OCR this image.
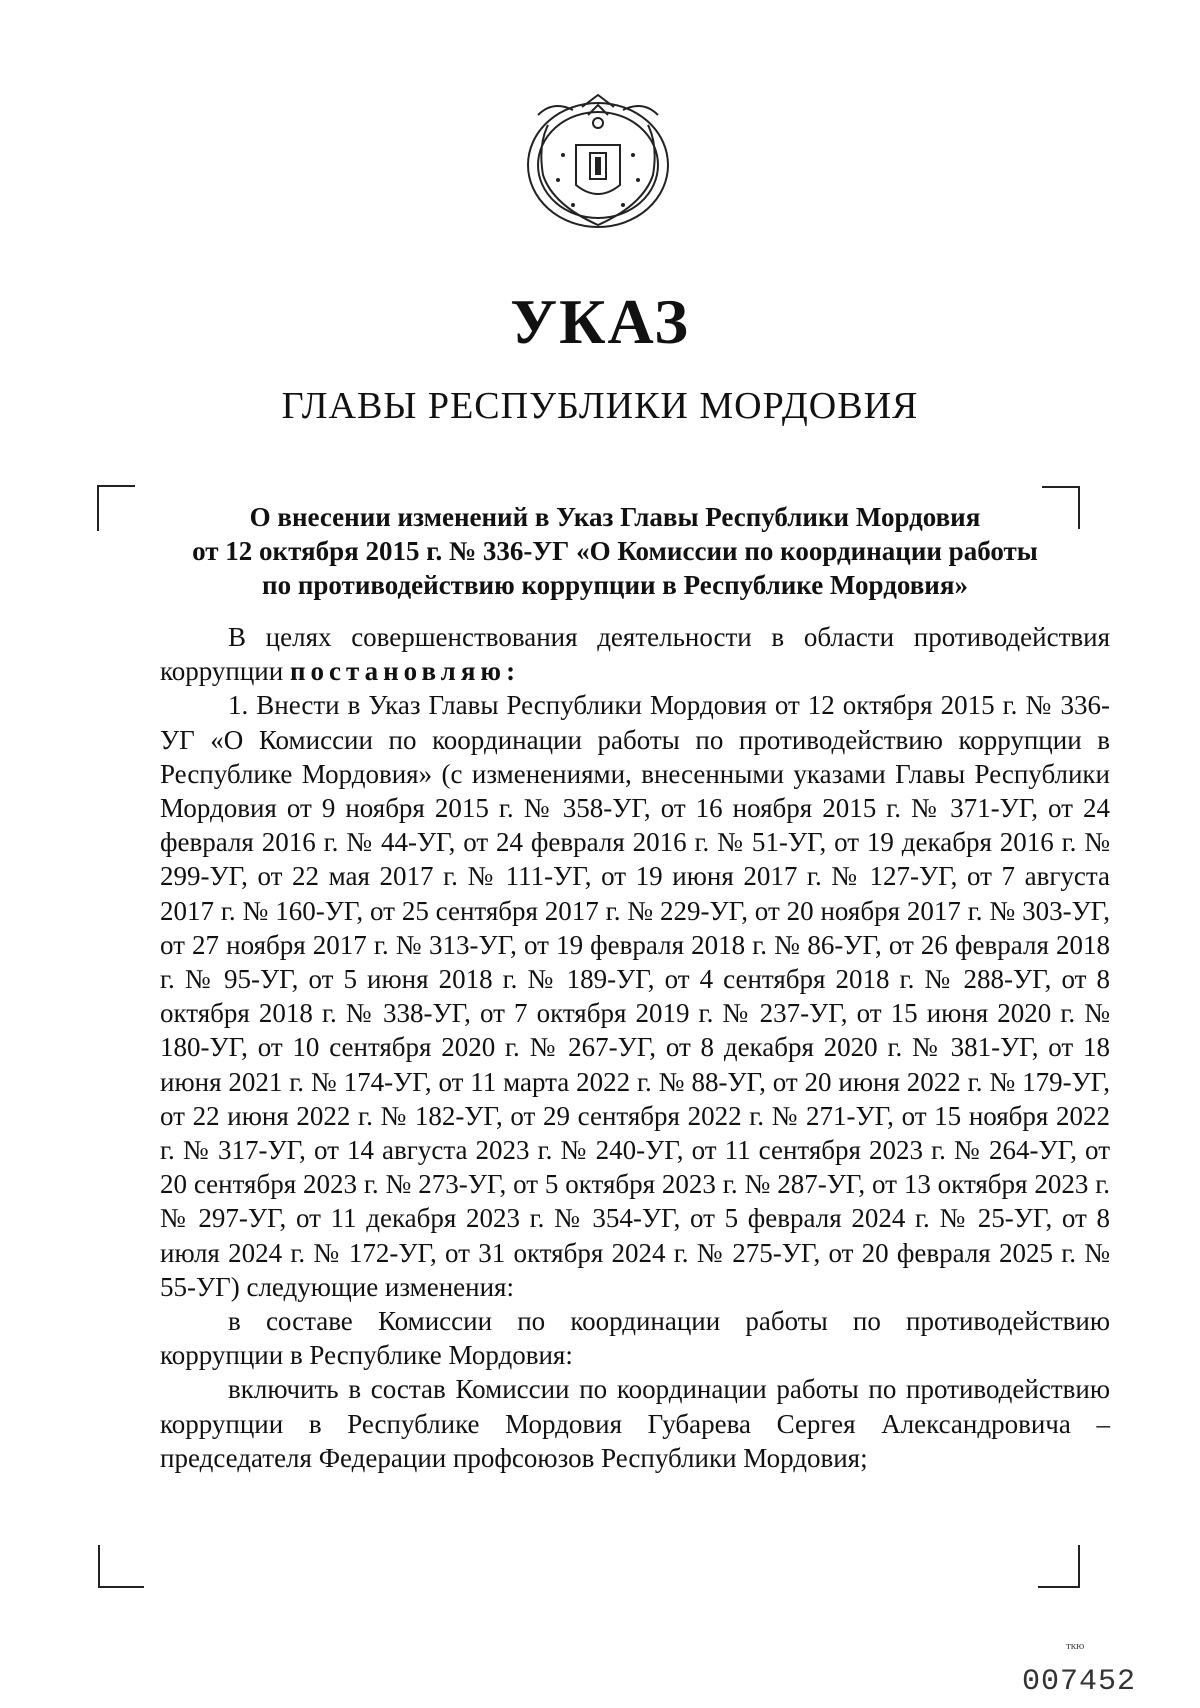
УКАЗ
ГЛАВЫ РЕСПУБЛИКИ МОРДОВИЯ
О внесении изменений в Указ Главы Республики Мордовия
от 12 октября 2015 г. № 336-УГ «О Комиссии по координации работы
по противодействию коррупции в Республике Мордовия»

В целях совершенствования деятельности в области противодействия коррупции постановляю:

1. Внести в Указ Главы Республики Мордовия от 12 октября 2015 г. № 336-УГ «О Комиссии по координации работы по противодействию коррупции в Республике Мордовия» (с изменениями, внесенными указами Главы Республики Мордовия от 9 ноября 2015 г. № 358-УГ, от 16 ноября 2015 г. № 371-УГ, от 24 февраля 2016 г. № 44-УГ, от 24 февраля 2016 г. № 51-УГ, от 19 декабря 2016 г. № 299-УГ, от 22 мая 2017 г. № 111-УГ, от 19 июня 2017 г. № 127-УГ, от 7 августа 2017 г. № 160-УГ, от 25 сентября 2017 г. № 229-УГ, от 20 ноября 2017 г. № 303-УГ, от 27 ноября 2017 г. № 313-УГ, от 19 февраля 2018 г. № 86-УГ, от 26 февраля 2018 г. № 95-УГ, от 5 июня 2018 г. № 189-УГ, от 4 сентября 2018 г. № 288-УГ, от 8 октября 2018 г. № 338-УГ, от 7 октября 2019 г. № 237-УГ, от 15 июня 2020 г. № 180-УГ, от 10 сентября 2020 г. № 267-УГ, от 8 декабря 2020 г. № 381-УГ, от 18 июня 2021 г. № 174-УГ, от 11 марта 2022 г. № 88-УГ, от 20 июня 2022 г. № 179-УГ, от 22 июня 2022 г. № 182-УГ, от 29 сентября 2022 г. № 271-УГ, от 15 ноября 2022 г. № 317-УГ, от 14 августа 2023 г. № 240-УГ, от 11 сентября 2023 г. № 264-УГ, от 20 сентября 2023 г. № 273-УГ, от 5 октября 2023 г. № 287-УГ, от 13 октября 2023 г. № 297-УГ, от 11 декабря 2023 г. № 354-УГ, от 5 февраля 2024 г. № 25-УГ, от 8 июля 2024 г. № 172-УГ, от 31 октября 2024 г. № 275-УГ, от 20 февраля 2025 г. № 55-УГ) следующие изменения:

в составе Комиссии по координации работы по противодействию коррупции в Республике Мордовия:

включить в состав Комиссии по координации работы по противодействию коррупции в Республике Мордовия Губарева Сергея Александровича – председателя Федерации профсоюзов Республики Мордовия;

ткю
007452
